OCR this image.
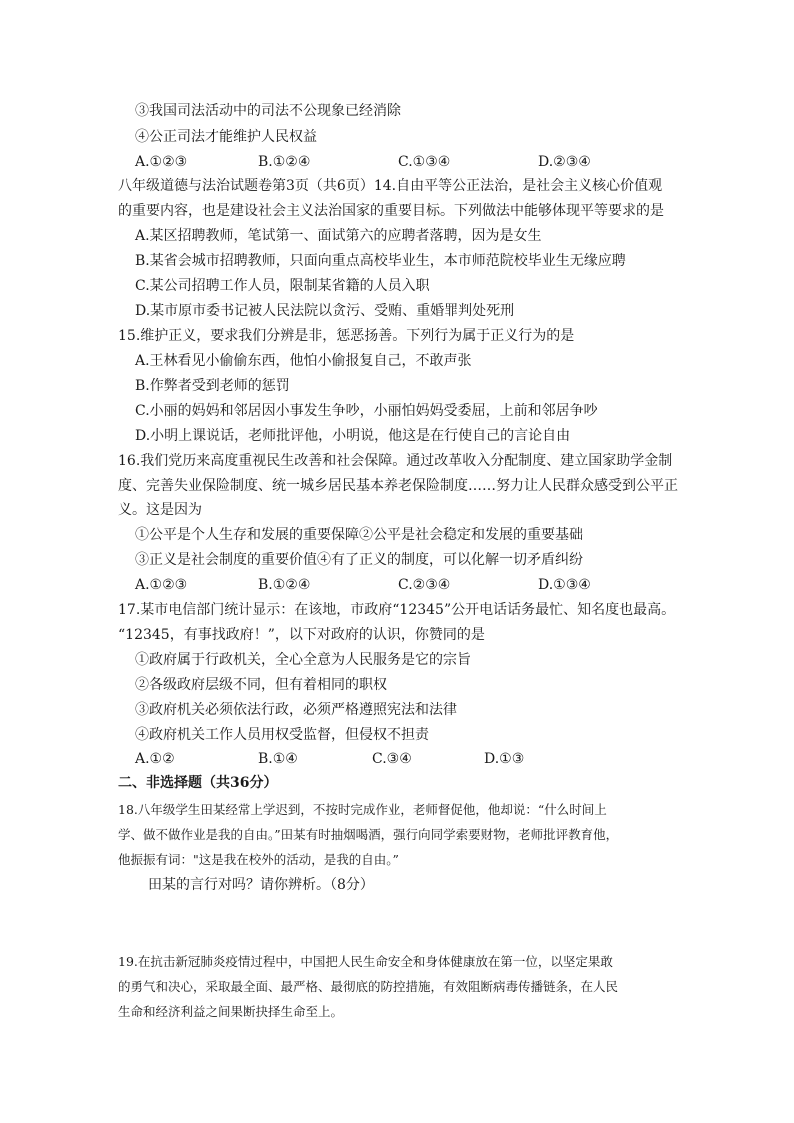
③我国司法活动中的司法不公现象已经消除
④公正司法才能维护人民权益
A.①②③	B.①②④	C.①③④	D.②③④
八年级道德与法治试题卷第3页（共6页）14.自由平等公正法治，是社会主义核心价值观
的重要内容，也是建设社会主义法治国家的重要目标。下列做法中能够体现平等要求的是
A.某区招聘教师，笔试第一、面试第六的应聘者落聘，因为是女生
B.某省会城市招聘教师，只面向重点高校毕业生，本市师范院校毕业生无缘应聘
C.某公司招聘工作人员，限制某省籍的人员入职
D.某市原市委书记被人民法院以贪污、受贿、重婚罪判处死刑
15.维护正义，要求我们分辨是非，惩恶扬善。下列行为属于正义行为的是
A.王林看见小偷偷东西，他怕小偷报复自己，不敢声张
B.作弊者受到老师的惩罚
C.小丽的妈妈和邻居因小事发生争吵，小丽怕妈妈受委屈，上前和邻居争吵
D.小明上课说话，老师批评他，小明说，他这是在行使自己的言论自由
16.我们党历来高度重视民生改善和社会保障。通过改革收入分配制度、建立国家助学金制
度、完善失业保险制度、统一城乡居民基本养老保险制度……努力让人民群众感受到公平正
义。这是因为
①公平是个人生存和发展的重要保障②公平是社会稳定和发展的重要基础
③正义是社会制度的重要价值④有了正义的制度，可以化解一切矛盾纠纷
A.①②③	B.①②④	C.②③④	D.①③④
17.某市电信部门统计显示：在该地，市政府“12345”公开电话话务最忙、知名度也最高。
“12345，有事找政府！”，以下对政府的认识，你赞同的是
①政府属于行政机关，全心全意为人民服务是它的宗旨
②各级政府层级不同，但有着相同的职权
③政府机关必须依法行政，必须严格遵照宪法和法律
④政府机关工作人员用权受监督，但侵权不担责
A.①②	B.①④	C.③④	D.①③
二、非选择题（共36分）
18.八年级学生田某经常上学迟到，不按时完成作业，老师督促他，他却说：“什么时间上
学、做不做作业是我的自由。”田某有时抽烟喝酒，强行向同学索要财物，老师批评教育他，
他振振有词："这是我在校外的活动，是我的自由。”
田某的言行对吗？请你辨析。（8分）
19.在抗击新冠肺炎疫情过程中，中国把人民生命安全和身体健康放在第一位，以坚定果敢
的勇气和决心，采取最全面、最严格、最彻底的防控措施，有效阻断病毒传播链条，在人民
生命和经济利益之间果断抉择生命至上。
